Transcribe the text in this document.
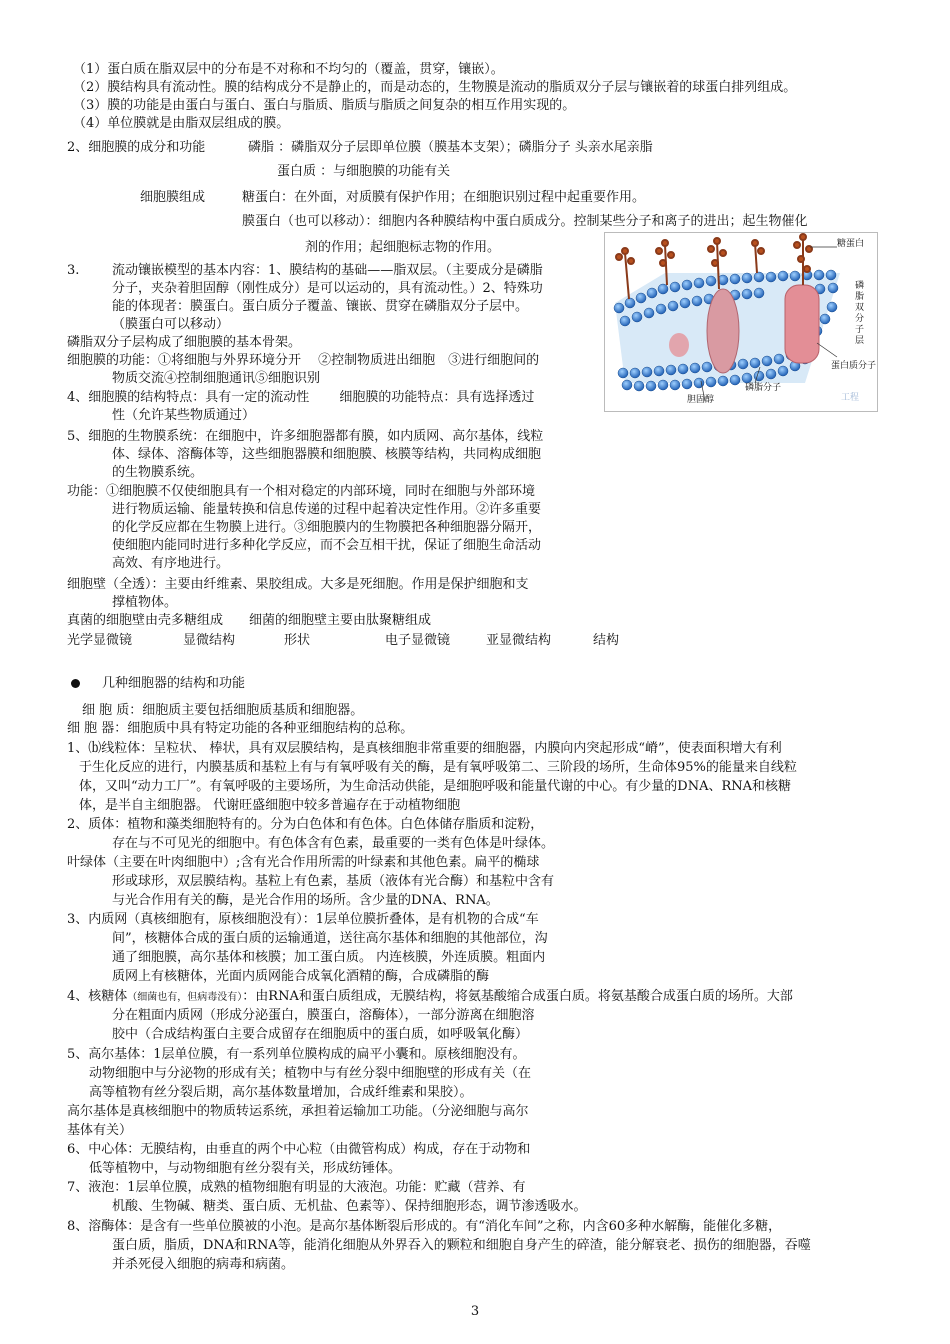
（1）蛋白质在脂双层中的分布是不对称和不均匀的（覆盖，贯穿，镶嵌）。
（2）膜结构具有流动性。膜的结构成分不是静止的，而是动态的，生物膜是流动的脂质双分子层与镶嵌着的球蛋白排列组成。
（3）膜的功能是由蛋白与蛋白、蛋白与脂质、脂质与脂质之间复杂的相互作用实现的。
（4）单位膜就是由脂双层组成的膜。
2、细胞膜的成分和功能	磷脂 ：磷脂双分子层即单位膜（膜基本支架）；磷脂分子 头亲水尾亲脂
蛋白质 ：与细胞膜的功能有关
细胞膜组成	糖蛋白：在外面，对质膜有保护作用；在细胞识别过程中起重要作用。
膜蛋白（也可以移动）：细胞内各种膜结构中蛋白质成分。控制某些分子和离子的进出；起生物催化
剂的作用；起细胞标志物的作用。	糖蛋白
磷
脂
双
分
子
层
蛋白质分子
磷脂分子
胆固醇	工程
3.	流动镶嵌模型的基本内容：1、膜结构的基础——脂双层。（主要成分是磷脂
分子，夹杂着胆固醇（刚性成分）是可以运动的，具有流动性。）2、特殊功
能的体现者：膜蛋白。蛋白质分子覆盖、镶嵌、贯穿在磷脂双分子层中。
（膜蛋白可以移动）
磷脂双分子层构成了细胞膜的基本骨架。
细胞膜的功能：①将细胞与外界环境分开　 ②控制物质进出细胞　③进行细胞间的
物质交流④控制细胞通讯⑤细胞识别
4、细胞膜的结构特点：具有一定的流动性　　 细胞膜的功能特点：具有选择透过
性（允许某些物质通过）
5、细胞的生物膜系统：在细胞中，许多细胞器都有膜，如内质网、高尔基体，线粒
体、绿体、溶酶体等，这些细胞器膜和细胞膜、核膜等结构，共同构成细胞
的生物膜系统。
功能：①细胞膜不仅使细胞具有一个相对稳定的内部环境，同时在细胞与外部环境
进行物质运输、能量转换和信息传递的过程中起着决定性作用。②许多重要
的化学反应都在生物膜上进行。③细胞膜内的生物膜把各种细胞器分隔开，
使细胞内能同时进行多种化学反应，而不会互相干扰，保证了细胞生命活动
高效、有序地进行。
细胞壁（全透）：主要由纤维素、果胶组成。大多是死细胞。作用是保护细胞和支
撑植物体。
真菌的细胞壁由壳多糖组成　　细菌的细胞壁主要由肽聚糖组成
光学显微镜	显微结构	形状	电子显微镜	亚显微结构	结构
几种细胞器的结构和功能
细 胞 质：细胞质主要包括细胞质基质和细胞器。
细 胞 器：细胞质中具有特定功能的各种亚细胞结构的总称。
1、⒝线粒体：呈粒状、 棒状，具有双层膜结构，是真核细胞非常重要的细胞器，内膜向内突起形成“嵴”，使表面积增大有利
于生化反应的进行，内膜基质和基粒上有与有氧呼吸有关的酶，是有氧呼吸第二、三阶段的场所，生命体95%的能量来自线粒
体，又叫“动力工厂”。有氧呼吸的主要场所，为生命活动供能，是细胞呼吸和能量代谢的中心。有少量的DNA、RNA和核糖
体，是半自主细胞器。 代谢旺盛细胞中较多普遍存在于动植物细胞
2、质体：植物和藻类细胞特有的。分为白色体和有色体。白色体储存脂质和淀粉，
存在与不可见光的细胞中。有色体含有色素，最重要的一类有色体是叶绿体。
叶绿体（主要在叶肉细胞中）;含有光合作用所需的叶绿素和其他色素。扁平的椭球
形或球形，双层膜结构。基粒上有色素，基质（液体有光合酶）和基粒中含有
与光合作用有关的酶，是光合作用的场所。含少量的DNA、RNA。
3、内质网（真核细胞有，原核细胞没有）：1层单位膜折叠体，是有机物的合成“车
间”，核糖体合成的蛋白质的运输通道，送往高尔基体和细胞的其他部位，沟
通了细胞膜，高尔基体和核膜；加工蛋白质。 内连核膜，外连质膜。粗面内
质网上有核糖体，光面内质网能合成氧化酒精的酶，合成磷脂的酶
4、核糖体（细菌也有，但病毒没有）：由RNA和蛋白质组成，无膜结构，将氨基酸缩合成蛋白质。将氨基酸合成蛋白质的场所。大部
分在粗面内质网（形成分泌蛋白，膜蛋白，溶酶体），一部分游离在细胞溶
胶中（合成结构蛋白主要合成留存在细胞质中的蛋白质，如呼吸氧化酶）
5、高尔基体：1层单位膜，有一系列单位膜构成的扁平小囊和。原核细胞没有。
动物细胞中与分泌物的形成有关；植物中与有丝分裂中细胞壁的形成有关（在
高等植物有丝分裂后期，高尔基体数量增加，合成纤维素和果胶）。
高尔基体是真核细胞中的物质转运系统，承担着运输加工功能。（分泌细胞与高尔
基体有关）
6、中心体：无膜结构，由垂直的两个中心粒（由微管构成）构成，存在于动物和
低等植物中，与动物细胞有丝分裂有关，形成纺锤体。
7、液泡：1层单位膜，成熟的植物细胞有明显的大液泡。功能：贮藏（营养、有
机酸、生物碱、糖类、蛋白质、无机盐、色素等）、保持细胞形态，调节渗透吸水。
8、溶酶体：是含有一些单位膜被的小泡。是高尔基体断裂后形成的。有“消化车间”之称，内含60多种水解酶，能催化多糖，
蛋白质，脂质，DNA和RNA等，能消化细胞从外界吞入的颗粒和细胞自身产生的碎渣，能分解衰老、损伤的细胞器，吞噬
并杀死侵入细胞的病毒和病菌。
3
